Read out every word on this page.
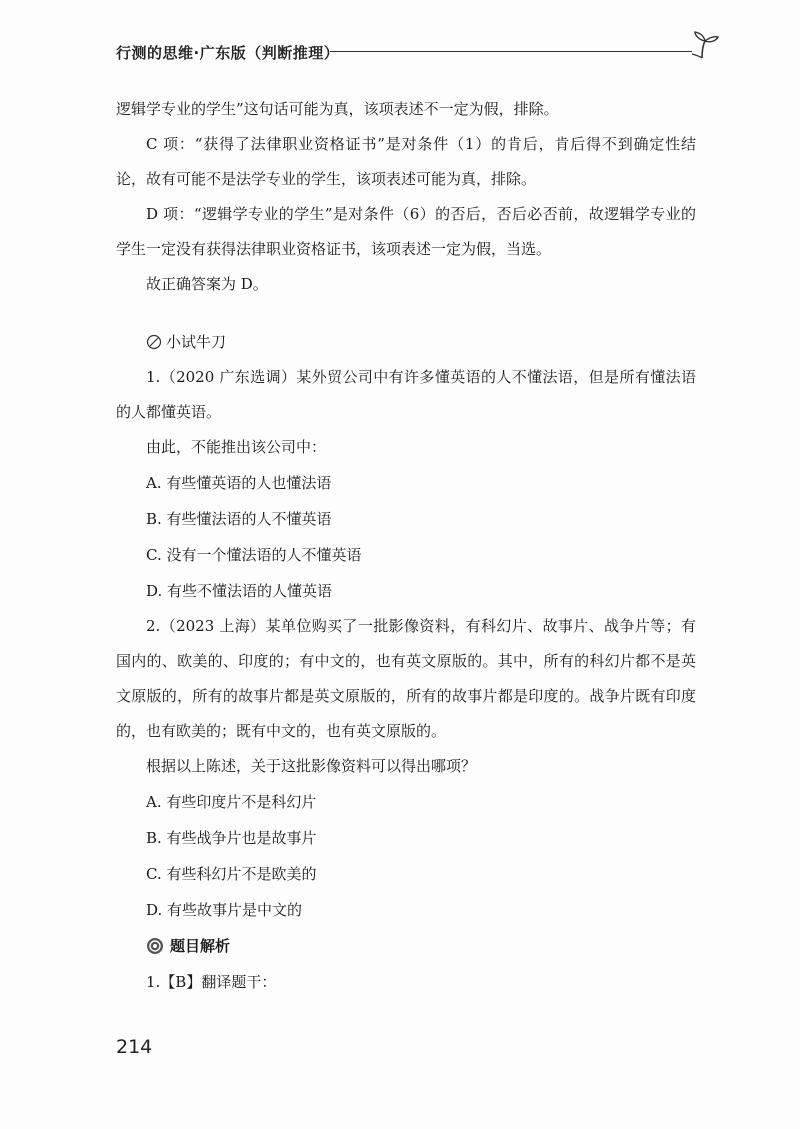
行测的思维·广东版（判断推理）

逻辑学专业的学生”这句话可能为真，该项表述不一定为假，排除。

C 项：“获得了法律职业资格证书”是对条件（1）的肯后，肯后得不到确定性结论，故有可能不是法学专业的学生，该项表述可能为真，排除。

D 项：“逻辑学专业的学生”是对条件（6）的否后，否后必否前，故逻辑学专业的学生一定没有获得法律职业资格证书，该项表述一定为假，当选。

故正确答案为 D。

小试牛刀

1.（2020 广东选调）某外贸公司中有许多懂英语的人不懂法语，但是所有懂法语的人都懂英语。

由此，不能推出该公司中：

A. 有些懂英语的人也懂法语

B. 有些懂法语的人不懂英语

C. 没有一个懂法语的人不懂英语

D. 有些不懂法语的人懂英语

2.（2023 上海）某单位购买了一批影像资料，有科幻片、故事片、战争片等；有国内的、欧美的、印度的；有中文的，也有英文原版的。其中，所有的科幻片都不是英文原版的，所有的故事片都是英文原版的，所有的故事片都是印度的。战争片既有印度的，也有欧美的；既有中文的，也有英文原版的。

根据以上陈述，关于这批影像资料可以得出哪项？

A. 有些印度片不是科幻片

B. 有些战争片也是故事片

C. 有些科幻片不是欧美的

D. 有些故事片是中文的

题目解析

1.【B】翻译题干：

214
